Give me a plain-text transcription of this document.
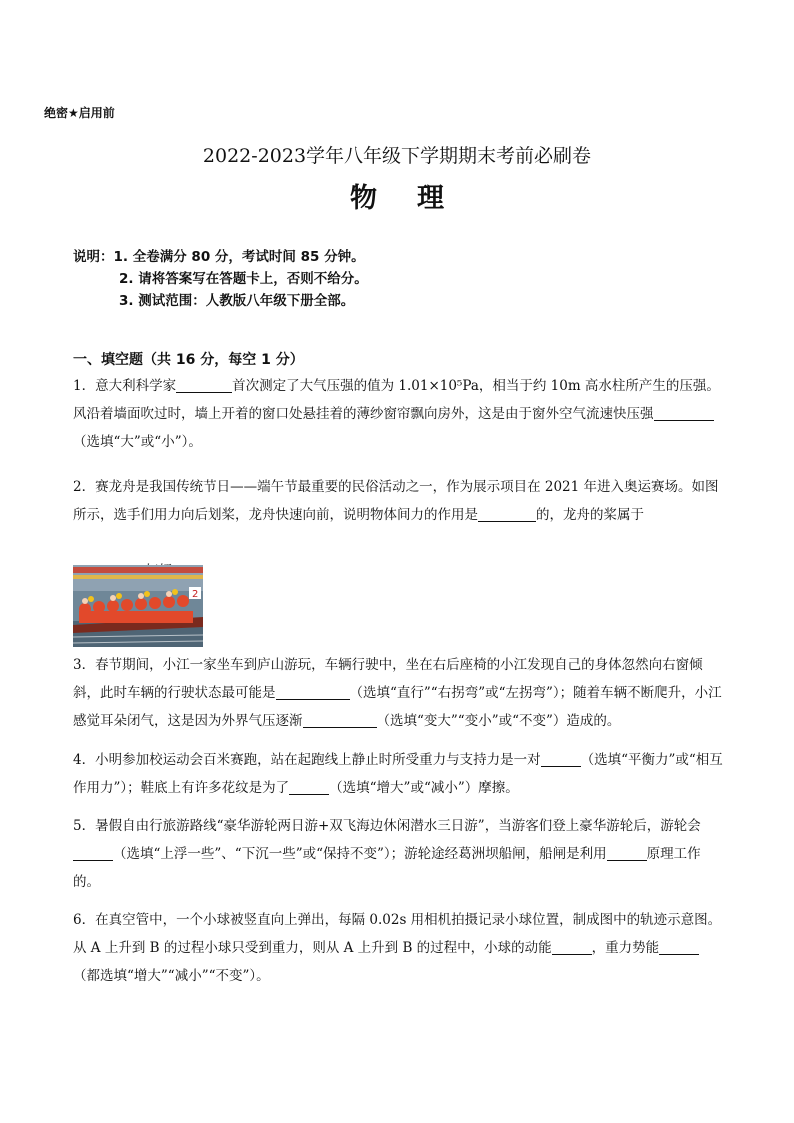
绝密★启用前
2022-2023学年八年级下学期期末考前必刷卷
物理
说明：1. 全卷满分 80 分，考试时间 85 分钟。
2. 请将答案写在答题卡上，否则不给分。
3. 测试范围：人教版八年级下册全部。
一、填空题（共 16 分，每空 1 分）

1．意大利科学家	首次测定了大气压强的值为 1.01×10⁵Pa，相当于约 10m 高水柱所产生的压强。风沿着墙面吹过时，墙上开着的窗口处悬挂着的薄纱窗帘飘向房外，这是由于窗外空气流速快压强（选填“大”或“小”）。

2．赛龙舟是我国传统节日——端午节最重要的民俗活动之一，作为展示项目在 2021 年进入奥运赛场。如图所示，选手们用力向后划桨，龙舟快速向前，说明物体间力的作用是	的，龙舟的桨属于

2

3．春节期间，小江一家坐车到庐山游玩，车辆行驶中，坐在右后座椅的小江发现自己的身体忽然向右窗倾斜，此时车辆的行驶状态最可能是	（选填“直行”“右拐弯”或“左拐弯”）；随着车辆不断爬升，小江感觉耳朵闭气，这是因为外界气压逐渐	（选填“变大”“变小”或“不变”）造成的。

4．小明参加校运动会百米赛跑，站在起跑线上静止时所受重力与支持力是一对	（选填“平衡力”或“相互作用力”）；鞋底上有许多花纹是为了	（选填“增大”或“减小”）摩擦。

5．暑假自由行旅游路线“豪华游轮两日游+双飞海边休闲潜水三日游”，当游客们登上豪华游轮后，游轮会（选填“上浮一些”、“下沉一些”或“保持不变”）；游轮途经葛洲坝船闸，船闸是利用	原理工作的。

6．在真空管中，一个小球被竖直向上弹出，每隔 0.02s 用相机拍摄记录小球位置，制成图中的轨迹示意图。从 A 上升到 B 的过程小球只受到重力，则从 A 上升到 B 的过程中，小球的动能	，重力势能（都选填“增大”“减小”“不变”）。
